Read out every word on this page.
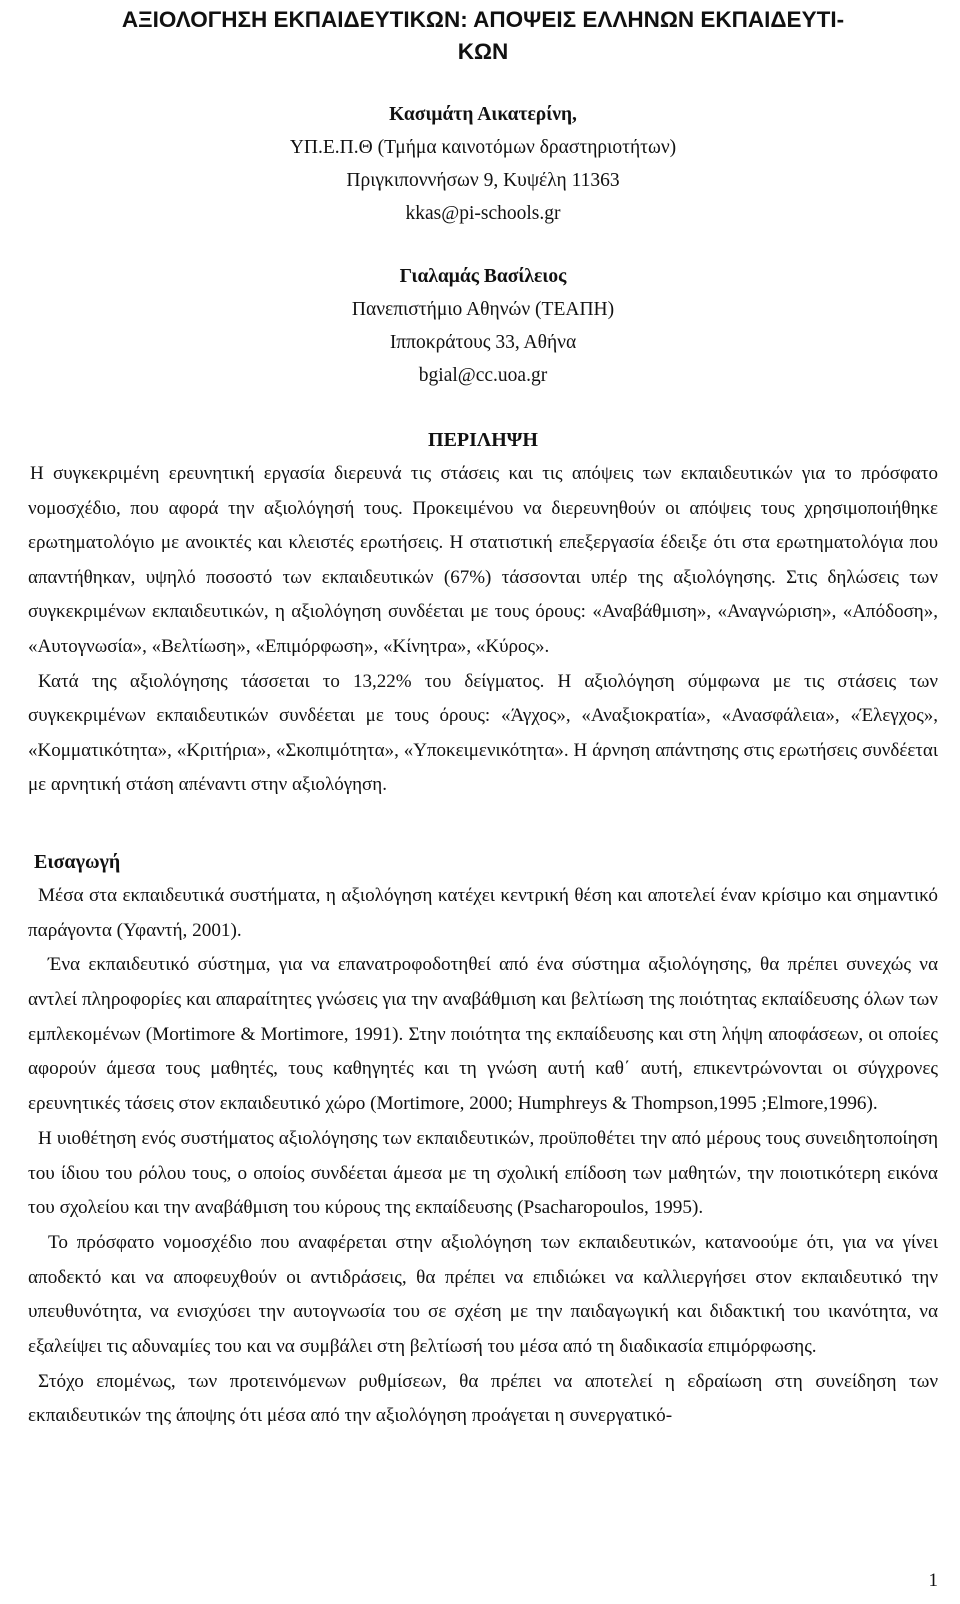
ΑΞΙΟΛΟΓΗΣΗ ΕΚΠΑΙΔΕΥΤΙΚΩΝ: ΑΠΟΨΕΙΣ ΕΛΛΗΝΩΝ ΕΚΠΑΙΔΕΥΤΙ-
ΚΩΝ
Κασιμάτη Αικατερίνη,
ΥΠ.Ε.Π.Θ (Τμήμα καινοτόμων δραστηριοτήτων)
Πριγκιποννήσων 9, Κυψέλη 11363
kkas@pi-schools.gr
Γιαλαμάς Βασίλειος
Πανεπιστήμιο Αθηνών (ΤΕΑΠΗ)
Ιπποκράτους 33, Αθήνα
bgial@cc.uoa.gr
ΠΕΡΙΛΗΨΗ

Η συγκεκριμένη ερευνητική εργασία διερευνά τις στάσεις και τις απόψεις των εκπαιδευτικών για το πρόσφατο νομοσχέδιο, που αφορά την αξιολόγησή τους. Προκειμένου να διερευνηθούν οι απόψεις τους χρησιμοποιήθηκε ερωτηματολόγιο με ανοικτές και κλειστές ερωτήσεις. Η στατιστική επεξεργασία έδειξε ότι στα ερωτηματολόγια που απαντήθηκαν, υψηλό ποσοστό των εκπαιδευτικών (67%) τάσσονται υπέρ της αξιολόγησης. Στις δηλώσεις των συγκεκριμένων εκπαιδευτικών, η αξιολόγηση συνδέεται με τους όρους: «Αναβάθμιση», «Αναγνώριση», «Απόδοση», «Αυτογνωσία», «Βελτίωση», «Επιμόρφωση», «Κίνητρα», «Κύρος».

Κατά της αξιολόγησης τάσσεται το 13,22% του δείγματος. Η αξιολόγηση σύμφωνα με τις στάσεις των συγκεκριμένων εκπαιδευτικών συνδέεται με τους όρους: «Άγχος», «Αναξιοκρατία», «Ανασφάλεια», «Έλεγχος», «Κομματικότητα», «Κριτήρια», «Σκοπιμότητα», «Υποκειμενικότητα». Η άρνηση απάντησης στις ερωτήσεις συνδέεται με αρνητική στάση απέναντι στην αξιολόγηση.

Εισαγωγή

Μέσα στα εκπαιδευτικά συστήματα, η αξιολόγηση κατέχει κεντρική θέση και αποτελεί έναν κρίσιμο και σημαντικό παράγοντα (Υφαντή, 2001).

Ένα εκπαιδευτικό σύστημα, για να επανατροφοδοτηθεί από ένα σύστημα αξιολόγησης, θα πρέπει συνεχώς να αντλεί πληροφορίες και απαραίτητες γνώσεις για την αναβάθμιση και βελτίωση της ποιότητας εκπαίδευσης όλων των εμπλεκομένων (Mortimore & Mortimore, 1991). Στην ποιότητα της εκπαίδευσης και στη λήψη αποφάσεων, οι οποίες αφορούν άμεσα τους μαθητές, τους καθηγητές και τη γνώση αυτή καθ΄ αυτή, επικεντρώνονται οι σύγχρονες ερευνητικές τάσεις στον εκπαιδευτικό χώρο (Mortimore, 2000; Humphreys & Thompson,1995 ;Elmore,1996).

Η υιοθέτηση ενός συστήματος αξιολόγησης των εκπαιδευτικών, προϋποθέτει την από μέρους τους συνειδητοποίηση του ίδιου του ρόλου τους, ο οποίος συνδέεται άμεσα με τη σχολική επίδοση των μαθητών, την ποιοτικότερη εικόνα του σχολείου και την αναβάθμιση του κύρους της εκπαίδευσης (Psacharopoulos, 1995).

Το πρόσφατο νομοσχέδιο που αναφέρεται στην αξιολόγηση των εκπαιδευτικών, κατανοούμε ότι, για να γίνει αποδεκτό και να αποφευχθούν οι αντιδράσεις, θα πρέπει να επιδιώκει να καλλιεργήσει στον εκπαιδευτικό την υπευθυνότητα, να ενισχύσει την αυτογνωσία του σε σχέση με την παιδαγωγική και διδακτική του ικανότητα, να εξαλείψει τις αδυναμίες του και να συμβάλει στη βελτίωσή του μέσα από τη διαδικασία επιμόρφωσης.

Στόχο επομένως, των προτεινόμενων ρυθμίσεων, θα πρέπει να αποτελεί η εδραίωση στη συνείδηση των εκπαιδευτικών της άποψης ότι μέσα από την αξιολόγηση προάγεται η συνεργατικό-

1
